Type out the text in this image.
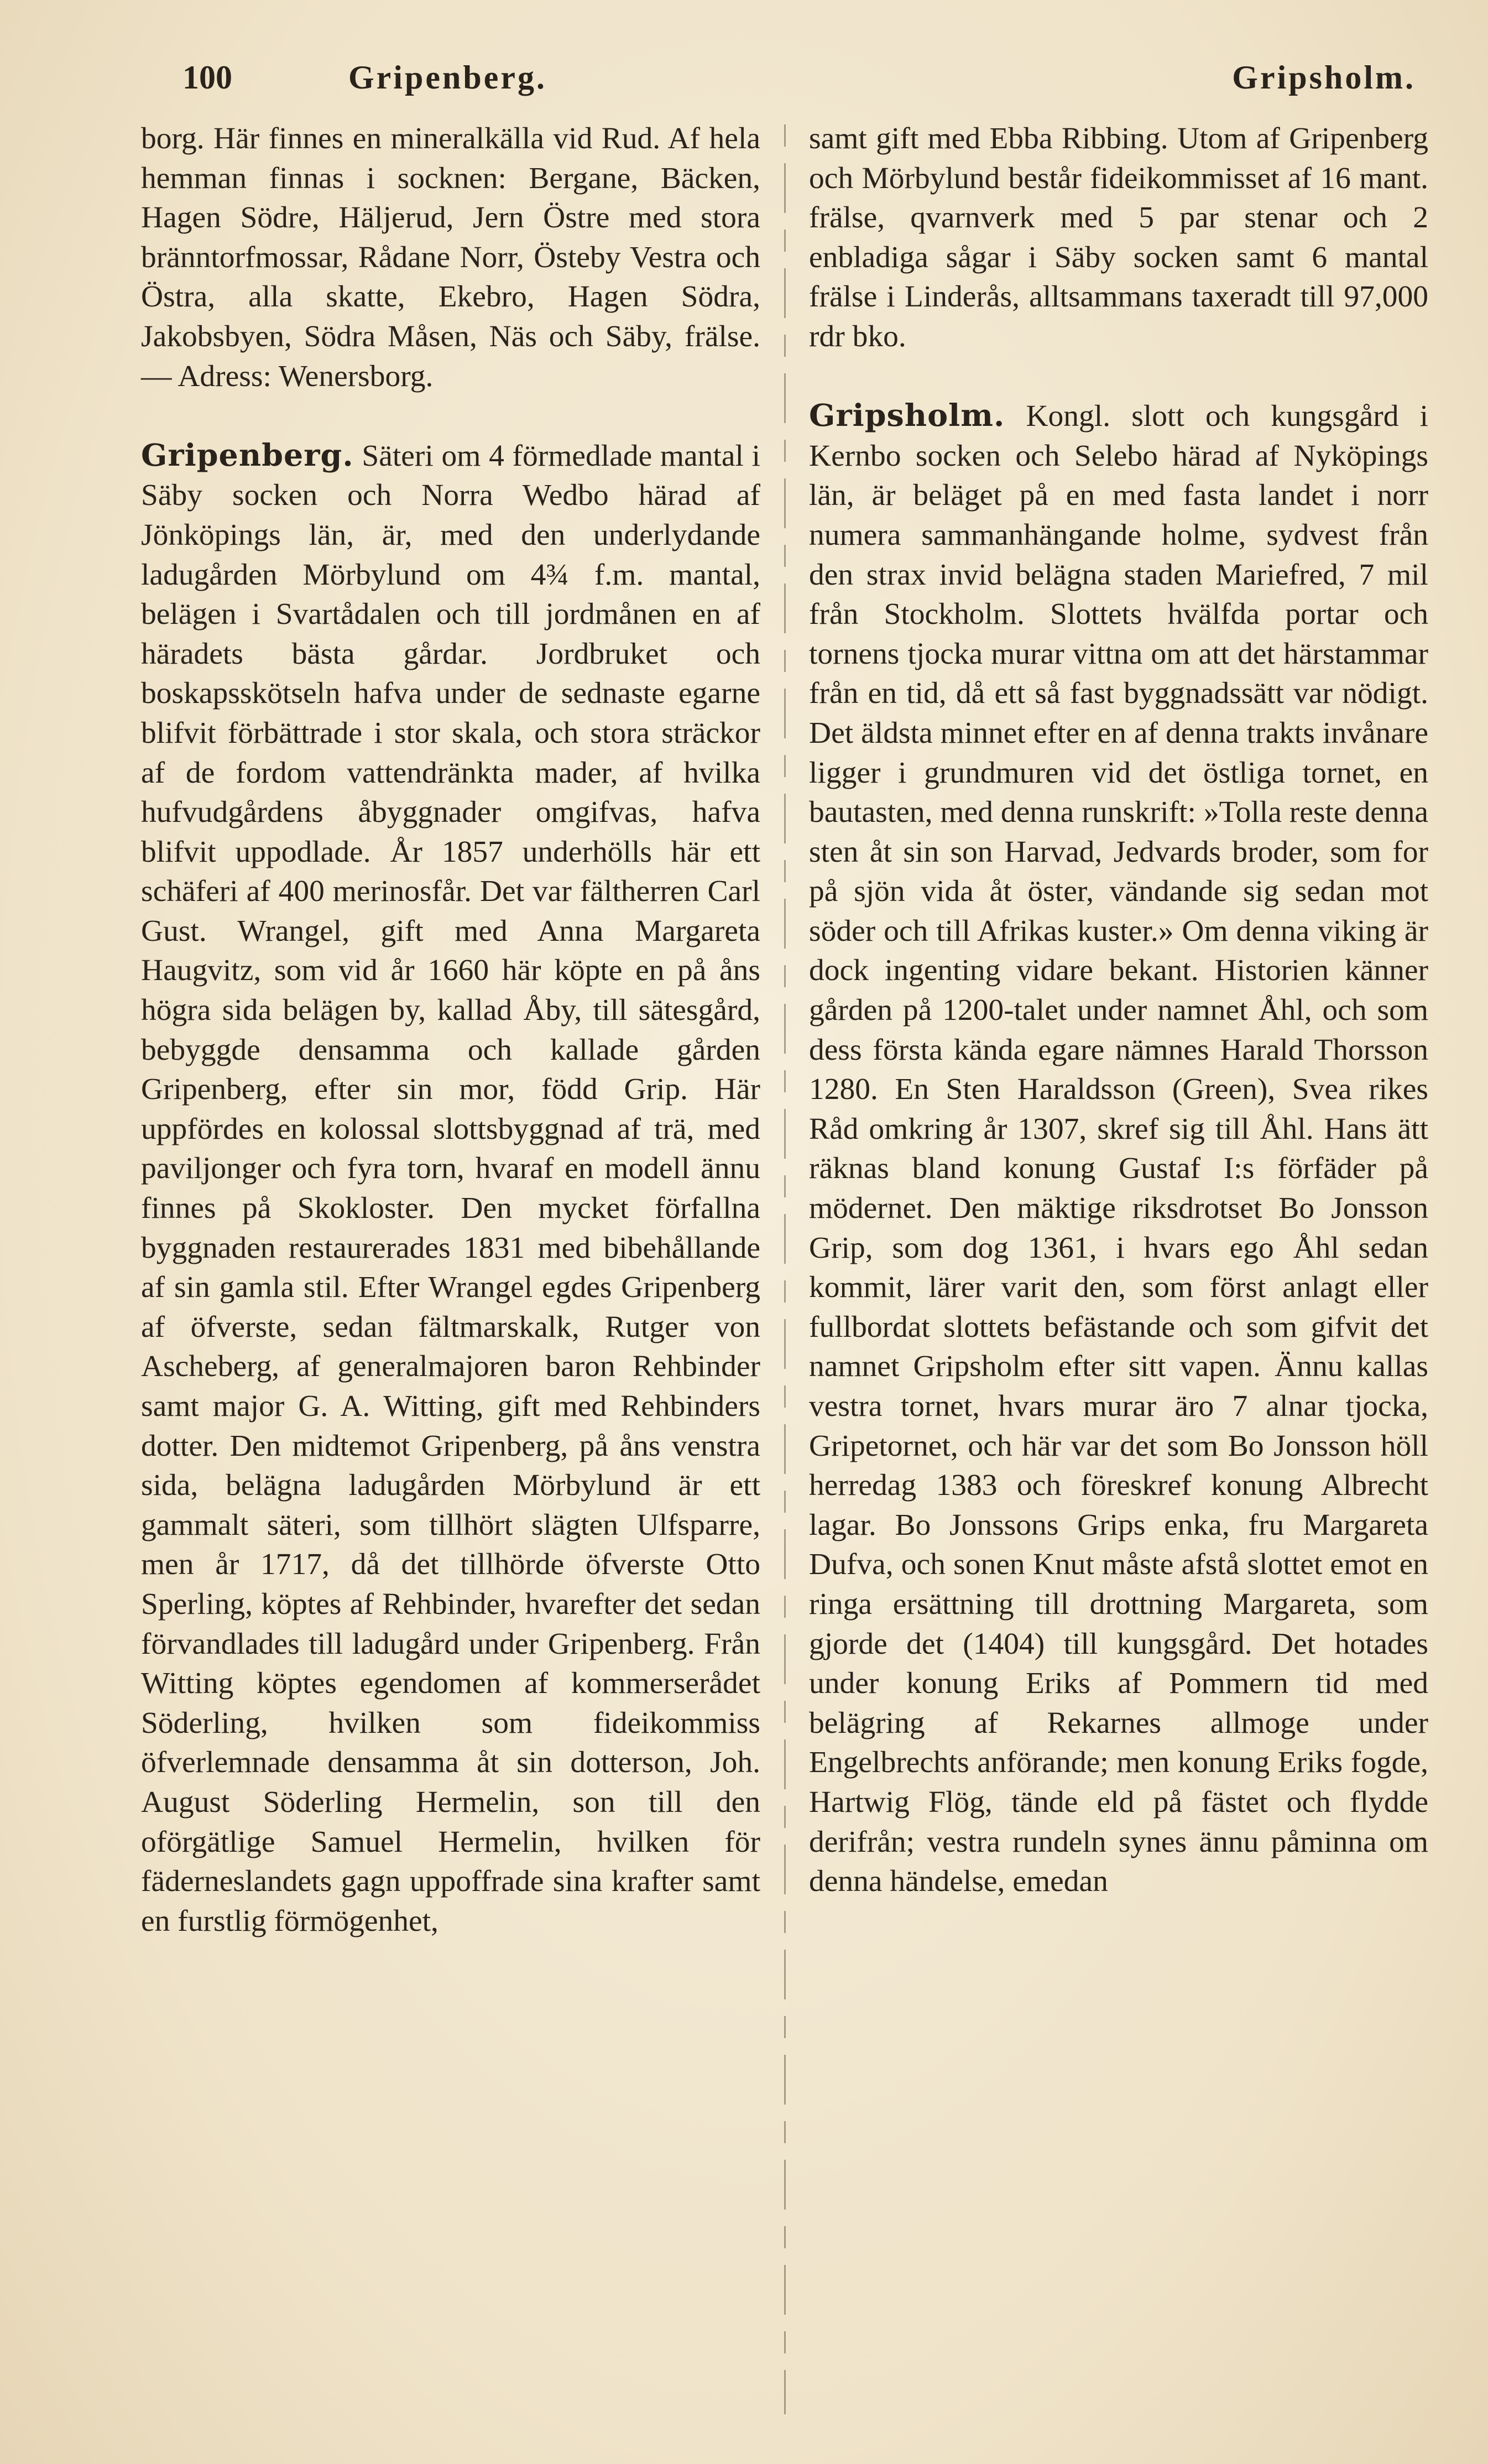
100	Gripenberg.	Gripsholm.

borg. Här finnes en mineralkälla vid Rud. Af hela hemman finnas i socknen: Bergane, Bäcken, Hagen Södre, Häljerud, Jern Östre med stora bränntorfmossar, Rådane Norr, Östeby Vestra och Östra, alla skatte, Ekebro, Hagen Södra, Jakobsbyen, Södra Måsen, Näs och Säby, frälse. — Adress: Wenersborg.

Gripenberg. Säteri om 4 förmedlade mantal i Säby socken och Norra Wedbo härad af Jönköpings län, är, med den underlydande ladugården Mörbylund om 4¾ f.m. mantal, belägen i Svartådalen och till jordmånen en af häradets bästa gårdar. Jordbruket och boskapsskötseln hafva under de sednaste egarne blifvit förbättrade i stor skala, och stora sträckor af de fordom vattendränkta mader, af hvilka hufvudgårdens åbyggnader omgifvas, hafva blifvit uppodlade. År 1857 underhölls här ett schäferi af 400 merinosfår. Det var fältherren Carl Gust. Wrangel, gift med Anna Margareta Haugvitz, som vid år 1660 här köpte en på åns högra sida belägen by, kallad Åby, till sätesgård, bebyggde densamma och kallade gården Gripenberg, efter sin mor, född Grip. Här uppfördes en kolossal slottsbyggnad af trä, med paviljonger och fyra torn, hvaraf en modell ännu finnes på Skokloster. Den mycket förfallna byggnaden restaurerades 1831 med bibehållande af sin gamla stil. Efter Wrangel egdes Gripenberg af öfverste, sedan fältmarskalk, Rutger von Ascheberg, af generalmajoren baron Rehbinder samt major G. A. Witting, gift med Rehbinders dotter. Den midtemot Gripenberg, på åns venstra sida, belägna ladugården Mörbylund är ett gammalt säteri, som tillhört slägten Ulfsparre, men år 1717, då det tillhörde öfverste Otto Sperling, köptes af Rehbinder, hvarefter det sedan förvandlades till ladugård under Gripenberg. Från Witting köptes egendomen af kommerserådet Söderling, hvilken som fideikommiss öfverlemnade densamma åt sin dotterson, Joh. August Söderling Hermelin, son till den oförgätlige Samuel Hermelin, hvilken för fäderneslandets gagn uppoffrade sina krafter samt en furstlig förmögenhet,

samt gift med Ebba Ribbing. Utom af Gripenberg och Mörbylund består fideikommisset af 16 mant. frälse, qvarnverk med 5 par stenar och 2 enbladiga sågar i Säby socken samt 6 mantal frälse i Linderås, alltsammans taxeradt till 97,000 rdr bko.

Gripsholm. Kongl. slott och kungsgård i Kernbo socken och Selebo härad af Nyköpings län, är beläget på en med fasta landet i norr numera sammanhängande holme, sydvest från den strax invid belägna staden Mariefred, 7 mil från Stockholm. Slottets hvälfda portar och tornens tjocka murar vittna om att det härstammar från en tid, då ett så fast byggnadssätt var nödigt. Det äldsta minnet efter en af denna trakts invånare ligger i grundmuren vid det östliga tornet, en bautasten, med denna runskrift: »Tolla reste denna sten åt sin son Harvad, Jedvards broder, som for på sjön vida åt öster, vändande sig sedan mot söder och till Afrikas kuster.» Om denna viking är dock ingenting vidare bekant. Historien känner gården på 1200-talet under namnet Åhl, och som dess första kända egare nämnes Harald Thorsson 1280. En Sten Haraldsson (Green), Svea rikes Råd omkring år 1307, skref sig till Åhl. Hans ätt räknas bland konung Gustaf I:s förfäder på mödernet. Den mäktige riksdrotset Bo Jonsson Grip, som dog 1361, i hvars ego Åhl sedan kommit, lärer varit den, som först anlagt eller fullbordat slottets befästande och som gifvit det namnet Gripsholm efter sitt vapen. Ännu kallas vestra tornet, hvars murar äro 7 alnar tjocka, Gripetornet, och här var det som Bo Jonsson höll herredag 1383 och föreskref konung Albrecht lagar. Bo Jonssons Grips enka, fru Margareta Dufva, och sonen Knut måste afstå slottet emot en ringa ersättning till drottning Margareta, som gjorde det (1404) till kungsgård. Det hotades under konung Eriks af Pommern tid med belägring af Rekarnes allmoge under Engelbrechts anförande; men konung Eriks fogde, Hartwig Flög, tände eld på fästet och flydde derifrån; vestra rundeln synes ännu påminna om denna händelse, emedan
